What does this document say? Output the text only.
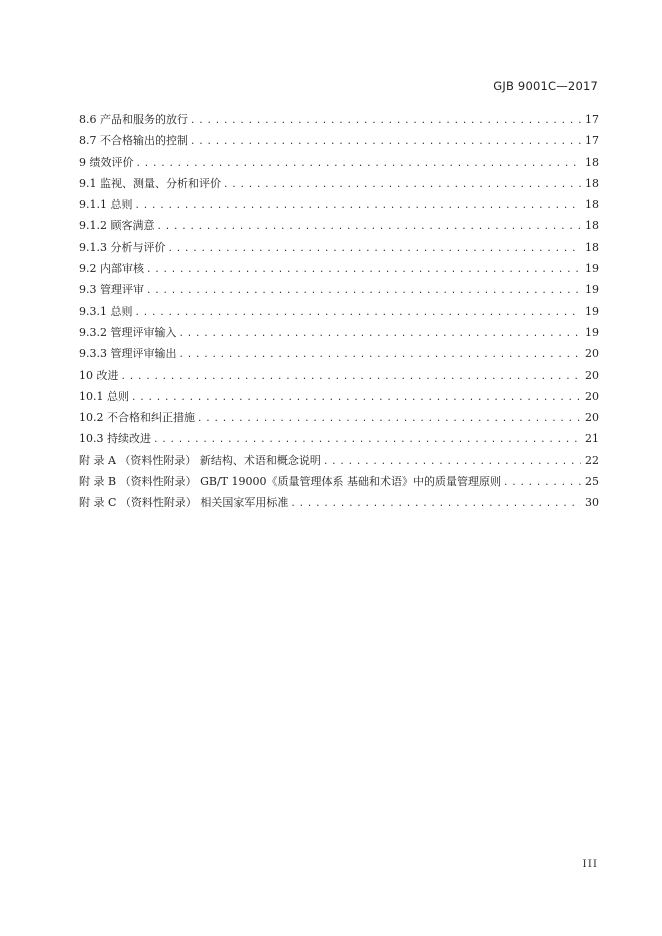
GJB 9001C—2017
8.6 产品和服务的放行 . . .	17
8.7 不合格输出的控制 . . .	17
9 绩效评价 . . .	18
9.1 监视、测量、分析和评价 . . .	18
9.1.1 总则 . . .	18
9.1.2 顾客满意 . . .	18
9.1.3 分析与评价 . . .	18
9.2 内部审核 . . .	19
9.3 管理评审 . . .	19
9.3.1 总则 . . .	19
9.3.2 管理评审输入 . . .	19
9.3.3 管理评审输出 . . .	20
10 改进 . . .	20
10.1 总则 . . .	20
10.2 不合格和纠正措施 . . .	20
10.3 持续改进 . . .	21
附 录 A （资料性附录） 新结构、术语和概念说明 . . .	22
附 录 B （资料性附录） GB/T 19000《质量管理体系 基础和术语》中的质量管理原则 . . .	25
附 录 C （资料性附录） 相关国家军用标准 . . .	30
III
